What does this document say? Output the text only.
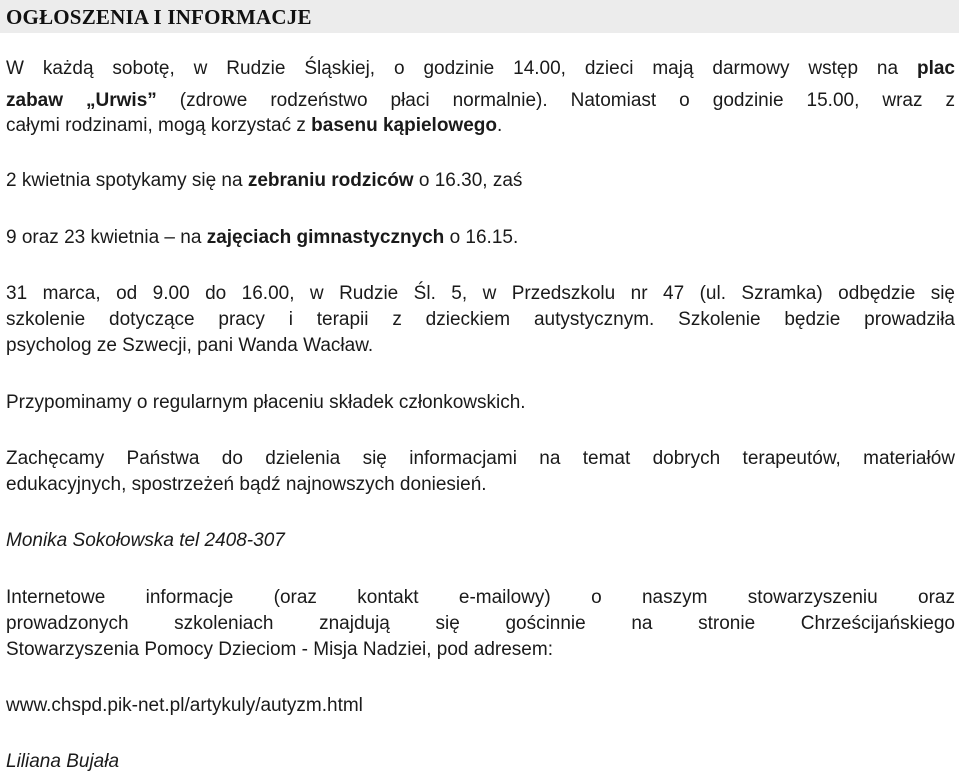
OGŁOSZENIA I INFORMACJE
W każdą sobotę, w Rudzie Śląskiej, o godzinie 14.00, dzieci mają darmowy wstęp na plac
zabaw „Urwis” (zdrowe rodzeństwo płaci normalnie). Natomiast o godzinie 15.00, wraz z
całymi rodzinami, mogą korzystać z basenu kąpielowego.
2 kwietnia spotykamy się na zebraniu rodziców o 16.30, zaś
9 oraz 23 kwietnia – na zajęciach gimnastycznych o 16.15.
31 marca, od 9.00 do 16.00, w Rudzie Śl. 5, w Przedszkolu nr 47 (ul. Szramka) odbędzie się
szkolenie dotyczące pracy i terapii z dzieckiem autystycznym. Szkolenie będzie prowadziła
psycholog ze Szwecji, pani Wanda Wacław.
Przypominamy o regularnym płaceniu składek członkowskich.
Zachęcamy Państwa do dzielenia się informacjami na temat dobrych terapeutów, materiałów
edukacyjnych, spostrzeżeń bądź najnowszych doniesień.
Monika Sokołowska tel 2408-307
Internetowe informacje (oraz kontakt e-mailowy) o naszym stowarzyszeniu oraz
prowadzonych szkoleniach znajdują się gościnnie na stronie Chrześcijańskiego
Stowarzyszenia Pomocy Dzieciom - Misja Nadziei, pod adresem:
www.chspd.pik-net.pl/artykuly/autyzm.html
Liliana Bujała
